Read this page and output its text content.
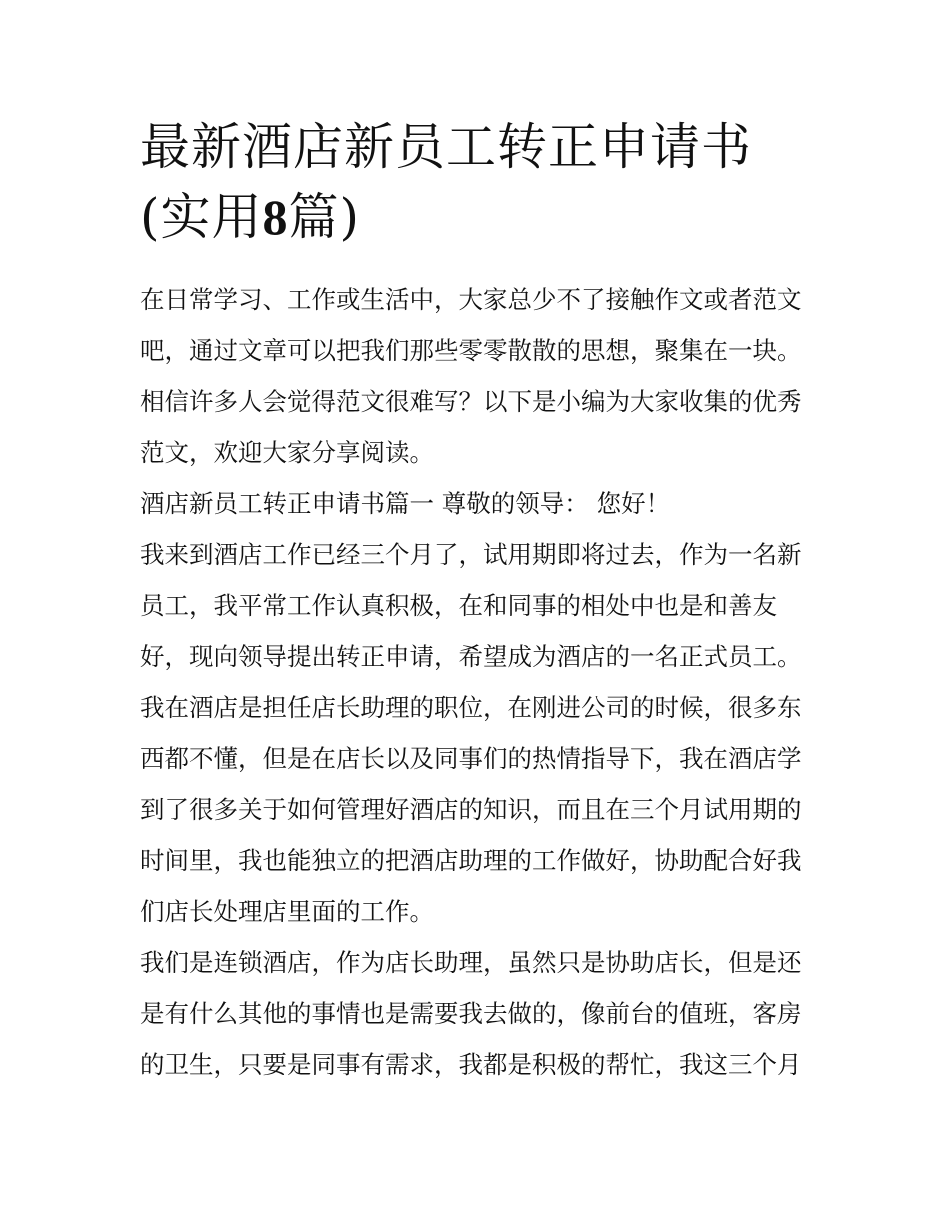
最新酒店新员工转正申请书(实用8篇)

在日常学习、工作或生活中，大家总少不了接触作文或者范文吧，通过文章可以把我们那些零零散散的思想，聚集在一块。相信许多人会觉得范文很难写？以下是小编为大家收集的优秀范文，欢迎大家分享阅读。

酒店新员工转正申请书篇一 尊敬的领导： 您好！

我来到酒店工作已经三个月了，试用期即将过去，作为一名新员工，我平常工作认真积极，在和同事的相处中也是和善友好，现向领导提出转正申请，希望成为酒店的一名正式员工。

我在酒店是担任店长助理的职位，在刚进公司的时候，很多东西都不懂，但是在店长以及同事们的热情指导下，我在酒店学到了很多关于如何管理好酒店的知识，而且在三个月试用期的时间里，我也能独立的把酒店助理的工作做好，协助配合好我们店长处理店里面的工作。

我们是连锁酒店，作为店长助理，虽然只是协助店长，但是还是有什么其他的事情也是需要我去做的，像前台的值班，客房的卫生，只要是同事有需求，我都是积极的帮忙，我这三个月
